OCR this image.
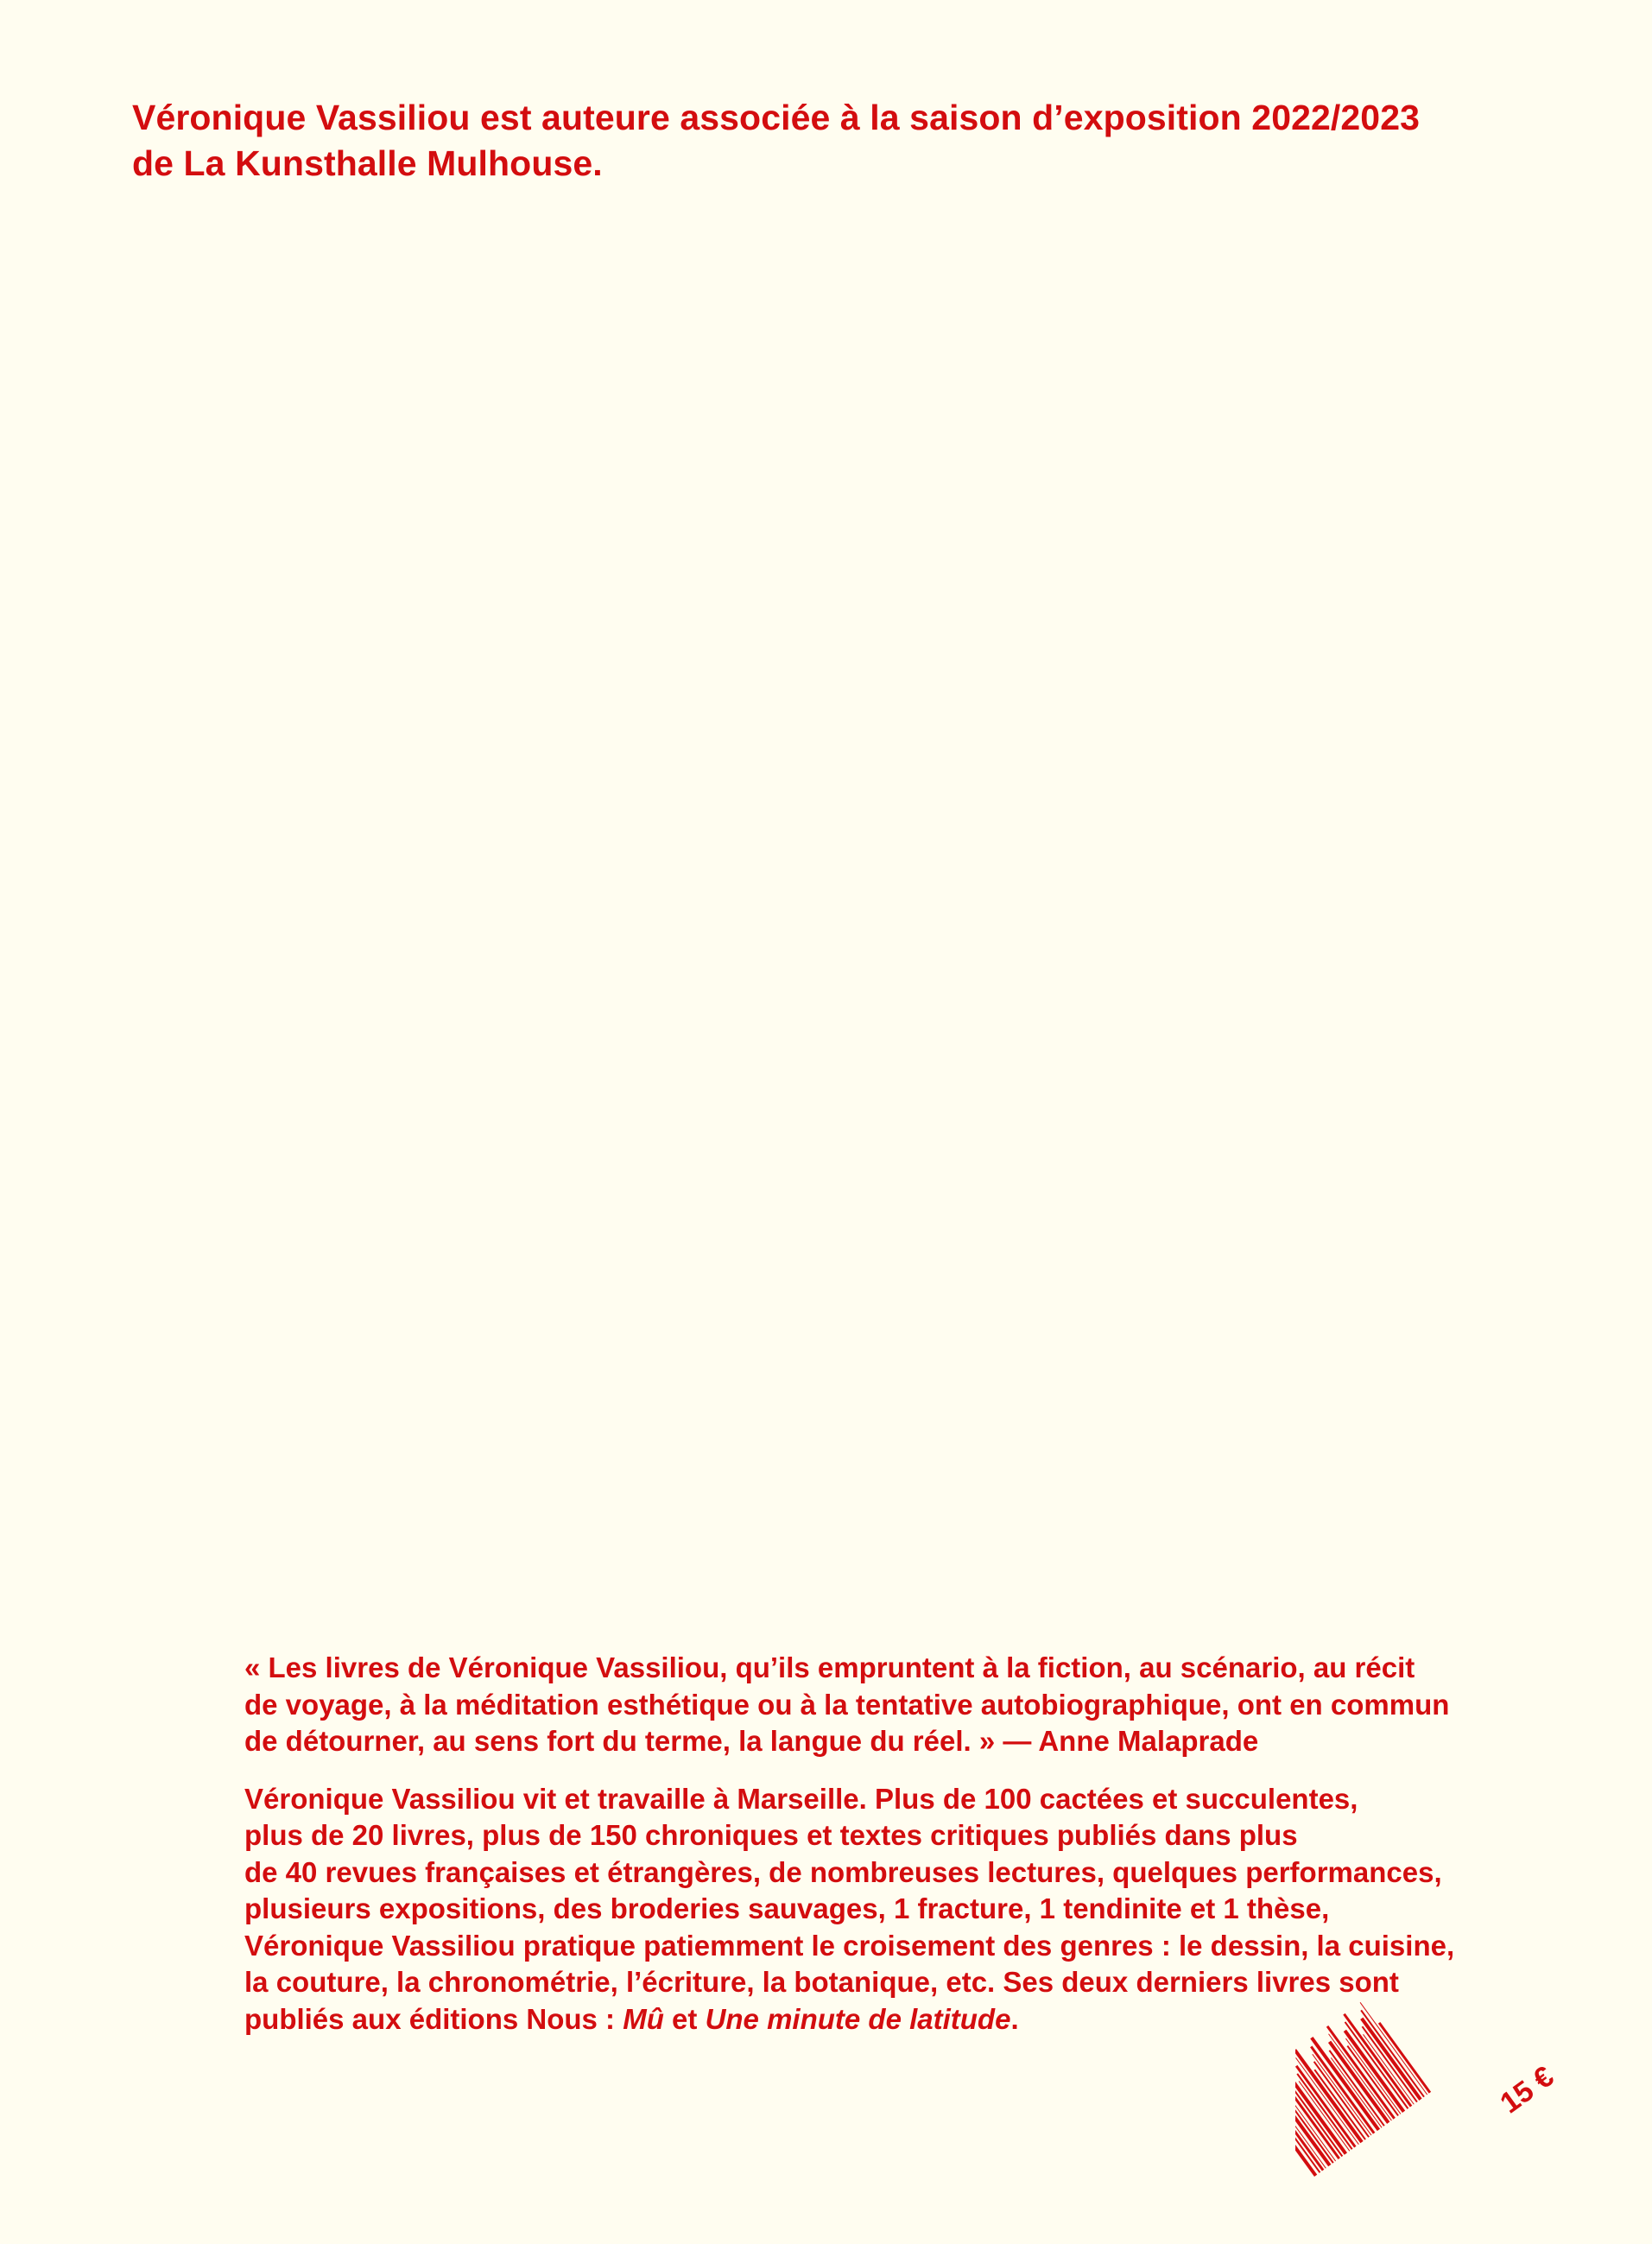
Véronique Vassiliou est auteure associée à la saison d’exposition 2022/2023
de La Kunsthalle Mulhouse.

« Les livres de Véronique Vassiliou, qu’ils empruntent à la fiction, au scénario, au récit
de voyage, à la méditation esthétique ou à la tentative autobiographique, ont en commun
de détourner, au sens fort du terme, la langue du réel. » — Anne Malaprade

Véronique Vassiliou vit et travaille à Marseille. Plus de 100 cactées et succulentes,
plus de 20 livres, plus de 150 chroniques et textes critiques publiés dans plus
de 40 revues françaises et étrangères, de nombreuses lectures, quelques performances,
plusieurs expositions, des broderies sauvages, 1 fracture, 1 tendinite et 1 thèse,
Véronique Vassiliou pratique patiemment le croisement des genres : le dessin, la cuisine,
la couture, la chronométrie, l’écriture, la botanique, etc. Ses deux derniers livres sont
publiés aux éditions Nous : Mû et Une minute de latitude.

15 €
